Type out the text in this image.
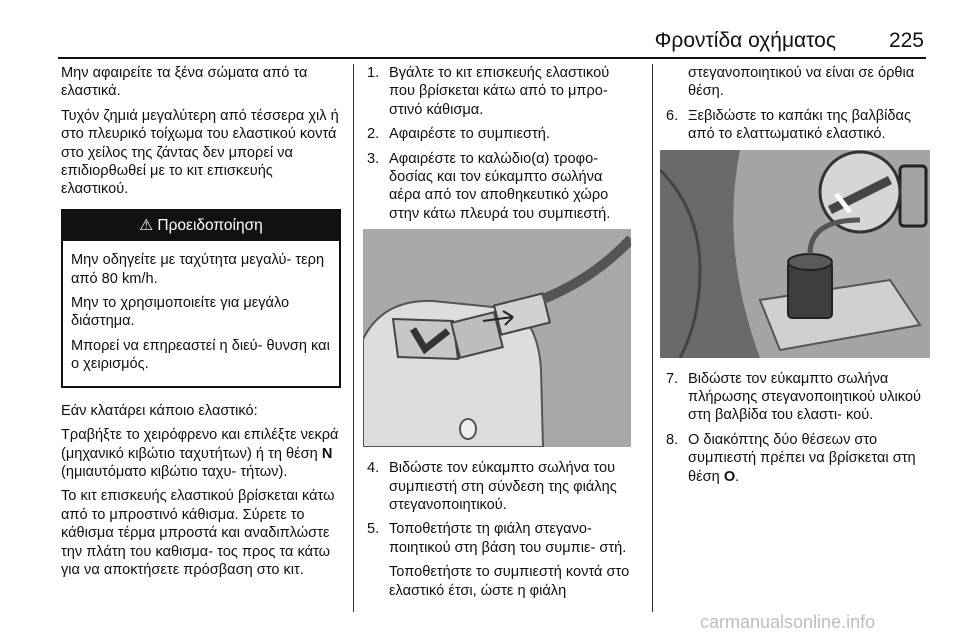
Φροντίδα οχήματος	225

Μην αφαιρείτε τα ξένα σώματα από τα ελαστικά.

Τυχόν ζημιά μεγαλύτερη από τέσσερα χιλ ή στο πλευρικό τοίχωμα του ελαστικού κοντά στο χείλος της ζάντας δεν μπορεί να επιδιορθωθεί με το κιτ επισκευής ελαστικού.

⚠ Προειδοποίηση

Μην οδηγείτε με ταχύτητα μεγαλύ- τερη από 80 km/h.

Μην το χρησιμοποιείτε για μεγάλο διάστημα.

Μπορεί να επηρεαστεί η διεύ- θυνση και ο χειρισμός.

Εάν κλατάρει κάποιο ελαστικό:

Τραβήξτε το χειρόφρενο και επιλέξτε νεκρά (μηχανικό κιβώτιο ταχυτήτων) ή τη θέση N (ημιαυτόματο κιβώτιο ταχυ- τήτων).

Το κιτ επισκευής ελαστικού βρίσκεται κάτω από το μπροστινό κάθισμα. Σύρετε το κάθισμα τέρμα μπροστά και αναδιπλώστε την πλάτη του καθισμα- τος προς τα κάτω για να αποκτήσετε πρόσβαση στο κιτ.

1. Βγάλτε το κιτ επισκευής ελαστικού που βρίσκεται κάτω από το μπρο- στινό κάθισμα.
2. Αφαιρέστε το συμπιεστή.
3. Αφαιρέστε το καλώδιο(α) τροφο- δοσίας και τον εύκαμπτο σωλήνα αέρα από τον αποθηκευτικό χώρο στην κάτω πλευρά του συμπιεστή.
4. Βιδώστε τον εύκαμπτο σωλήνα του συμπιεστή στη σύνδεση της φιάλης στεγανοποιητικού.
5. Τοποθετήστε τη φιάλη στεγανο- ποιητικού στη βάση του συμπιε- στή.
Τοποθετήστε το συμπιεστή κοντά στο ελαστικό έτσι, ώστε η φιάλη
στεγανοποιητικού να είναι σε όρθια θέση.
6. Ξεβιδώστε το καπάκι της βαλβίδας από το ελαττωματικό ελαστικό.
7. Βιδώστε τον εύκαμπτο σωλήνα πλήρωσης στεγανοποιητικού υλικού στη βαλβίδα του ελαστι- κού.
8. Ο διακόπτης δύο θέσεων στο συμπιεστή πρέπει να βρίσκεται στη θέση O.
carmanualsonline.info
